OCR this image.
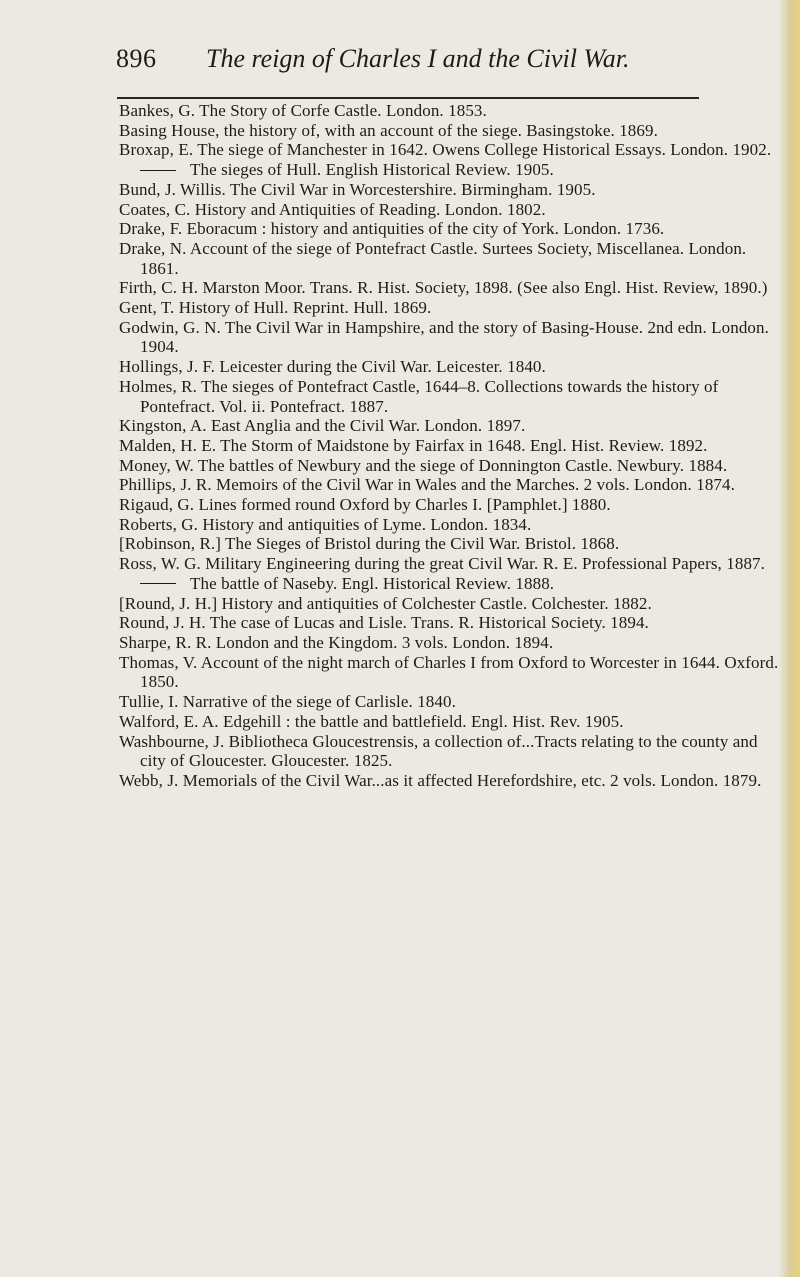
896 The reign of Charles I and the Civil War.
Bankes, G. The Story of Corfe Castle. London. 1853.
Basing House, the history of, with an account of the siege. Basingstoke. 1869.
Broxap, E. The siege of Manchester in 1642. Owens College Historical Essays. London. 1902.
The sieges of Hull. English Historical Review. 1905.
Bund, J. Willis. The Civil War in Worcestershire. Birmingham. 1905.
Coates, C. History and Antiquities of Reading. London. 1802.
Drake, F. Eboracum : history and antiquities of the city of York. London. 1736.
Drake, N. Account of the siege of Pontefract Castle. Surtees Society, Miscellanea. London. 1861.
Firth, C. H. Marston Moor. Trans. R. Hist. Society, 1898. (See also Engl. Hist. Review, 1890.)
Gent, T. History of Hull. Reprint. Hull. 1869.
Godwin, G. N. The Civil War in Hampshire, and the story of Basing-House. 2nd edn. London. 1904.
Hollings, J. F. Leicester during the Civil War. Leicester. 1840.
Holmes, R. The sieges of Pontefract Castle, 1644–8. Collections towards the history of Pontefract. Vol. ii. Pontefract. 1887.
Kingston, A. East Anglia and the Civil War. London. 1897.
Malden, H. E. The Storm of Maidstone by Fairfax in 1648. Engl. Hist. Review. 1892.
Money, W. The battles of Newbury and the siege of Donnington Castle. Newbury. 1884.
Phillips, J. R. Memoirs of the Civil War in Wales and the Marches. 2 vols. London. 1874.
Rigaud, G. Lines formed round Oxford by Charles I. [Pamphlet.] 1880.
Roberts, G. History and antiquities of Lyme. London. 1834.
[Robinson, R.] The Sieges of Bristol during the Civil War. Bristol. 1868.
Ross, W. G. Military Engineering during the great Civil War. R. E. Professional Papers, 1887.
The battle of Naseby. Engl. Historical Review. 1888.
[Round, J. H.] History and antiquities of Colchester Castle. Colchester. 1882.
Round, J. H. The case of Lucas and Lisle. Trans. R. Historical Society. 1894.
Sharpe, R. R. London and the Kingdom. 3 vols. London. 1894.
Thomas, V. Account of the night march of Charles I from Oxford to Worcester in 1644. Oxford. 1850.
Tullie, I. Narrative of the siege of Carlisle. 1840.
Walford, E. A. Edgehill : the battle and battlefield. Engl. Hist. Rev. 1905.
Washbourne, J. Bibliotheca Gloucestrensis, a collection of...Tracts relating to the county and city of Gloucester. Gloucester. 1825.
Webb, J. Memorials of the Civil War...as it affected Herefordshire, etc. 2 vols. London. 1879.
